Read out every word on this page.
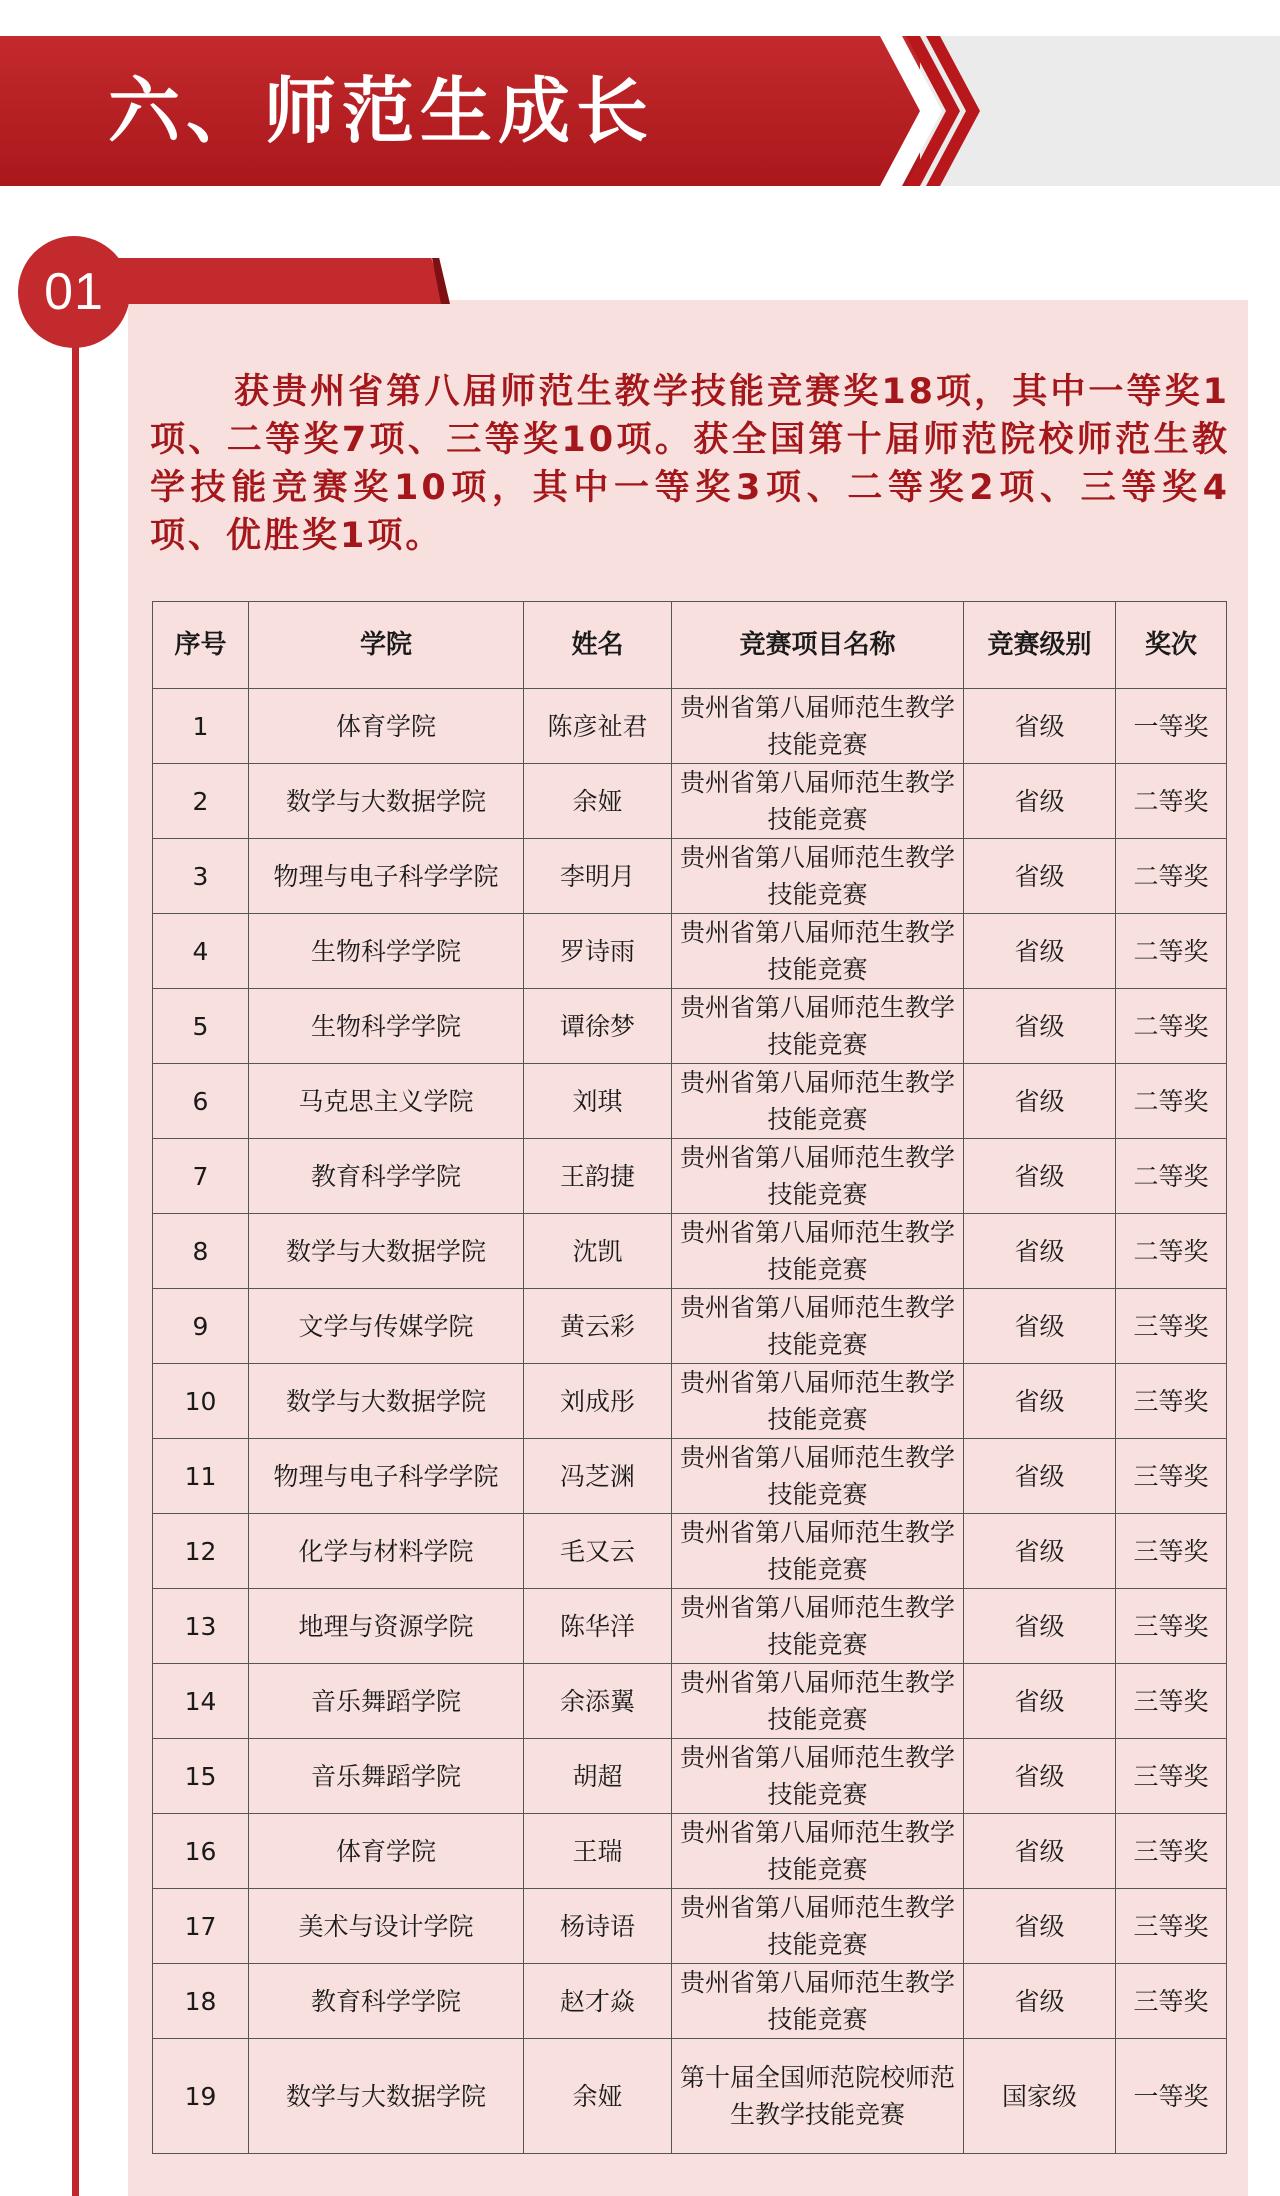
六、师范生成长
01
获贵州省第八届师范生教学技能竞赛奖18项，其中一等奖1项、二等奖7项、三等奖10项。获全国第十届师范院校师范生教学技能竞赛奖10项，其中一等奖3项、二等奖2项、三等奖4项、优胜奖1项。
序号	学院	姓名	竞赛项目名称	竞赛级别	奖次
1	体育学院	陈彦祉君	贵州省第八届师范生教学技能竞赛	省级	一等奖
2	数学与大数据学院	余娅	贵州省第八届师范生教学技能竞赛	省级	二等奖
3	物理与电子科学学院	李明月	贵州省第八届师范生教学技能竞赛	省级	二等奖
4	生物科学学院	罗诗雨	贵州省第八届师范生教学技能竞赛	省级	二等奖
5	生物科学学院	谭徐梦	贵州省第八届师范生教学技能竞赛	省级	二等奖
6	马克思主义学院	刘琪	贵州省第八届师范生教学技能竞赛	省级	二等奖
7	教育科学学院	王韵捷	贵州省第八届师范生教学技能竞赛	省级	二等奖
8	数学与大数据学院	沈凯	贵州省第八届师范生教学技能竞赛	省级	二等奖
9	文学与传媒学院	黄云彩	贵州省第八届师范生教学技能竞赛	省级	三等奖
10	数学与大数据学院	刘成彤	贵州省第八届师范生教学技能竞赛	省级	三等奖
11	物理与电子科学学院	冯芝渊	贵州省第八届师范生教学技能竞赛	省级	三等奖
12	化学与材料学院	毛又云	贵州省第八届师范生教学技能竞赛	省级	三等奖
13	地理与资源学院	陈华洋	贵州省第八届师范生教学技能竞赛	省级	三等奖
14	音乐舞蹈学院	余添翼	贵州省第八届师范生教学技能竞赛	省级	三等奖
15	音乐舞蹈学院	胡超	贵州省第八届师范生教学技能竞赛	省级	三等奖
16	体育学院	王瑞	贵州省第八届师范生教学技能竞赛	省级	三等奖
17	美术与设计学院	杨诗语	贵州省第八届师范生教学技能竞赛	省级	三等奖
18	教育科学学院	赵才焱	贵州省第八届师范生教学技能竞赛	省级	三等奖
19	数学与大数据学院	余娅	第十届全国师范院校师范生教学技能竞赛	国家级	一等奖
